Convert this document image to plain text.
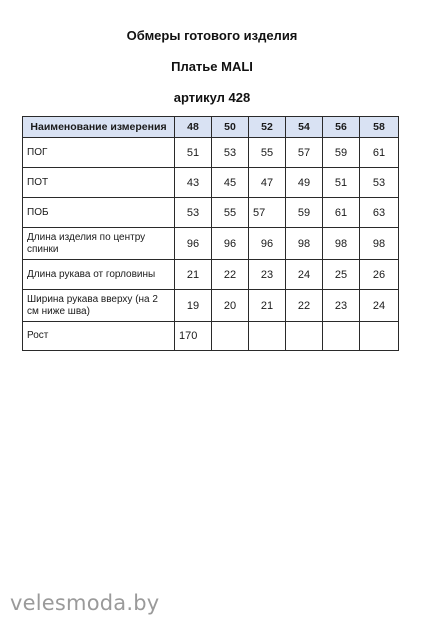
Обмеры готового изделия
Платье MALI
артикул 428
Наименование измерения	48	50	52	54	56	58
ПОГ	51	53	55	57	59	61
ПОТ	43	45	47	49	51	53
ПОБ	53	55	57	59	61	63
Длина изделия по центру спинки	96	96	96	98	98	98
Длина рукава от горловины	21	22	23	24	25	26
Ширина рукава вверху (на 2 см ниже шва)	19	20	21	22	23	24
Рост	170					
velesmoda.by
